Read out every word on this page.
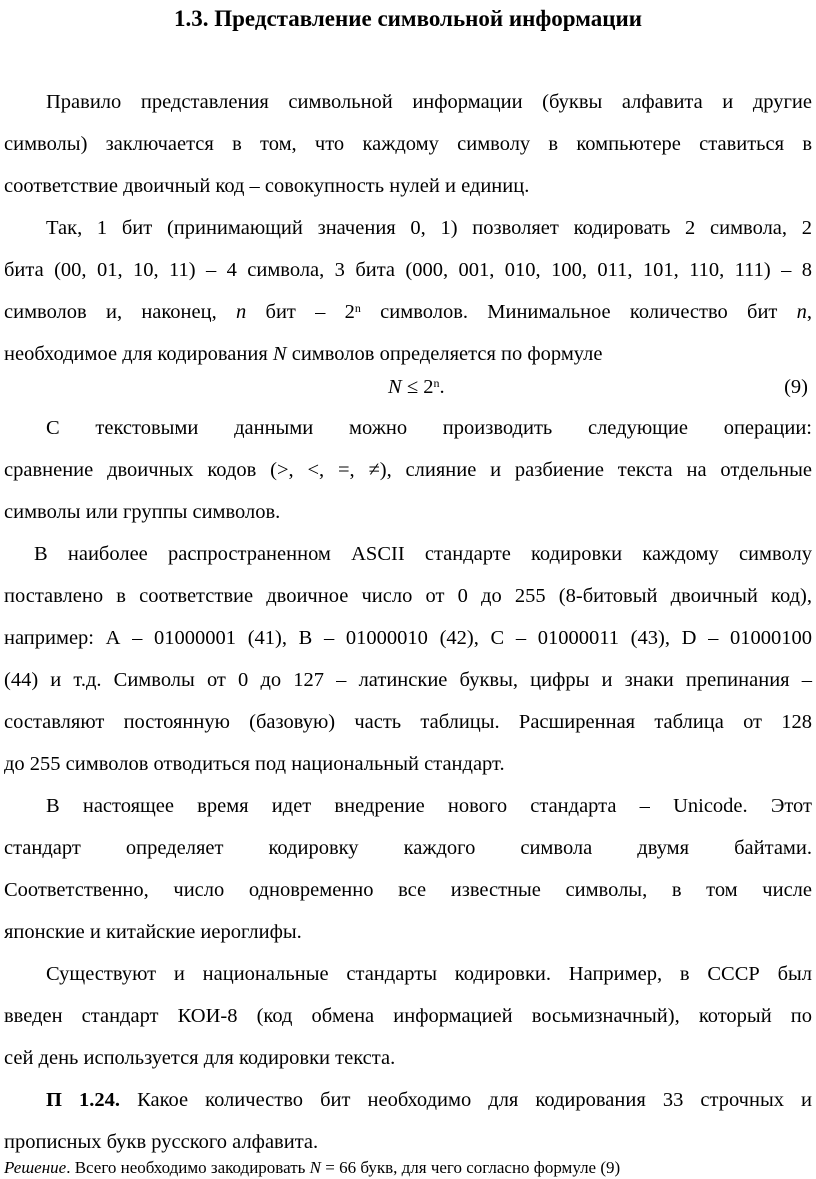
1.3. Представление символьной информации
Правило представления символьной информации (буквы алфавита и другие
символы) заключается в том, что каждому символу в компьютере ставиться в
соответствие двоичный код – совокупность нулей и единиц.
Так, 1 бит (принимающий значения 0, 1) позволяет кодировать 2 символа, 2
бита (00, 01, 10, 11) – 4 символа, 3 бита (000, 001, 010, 100, 011, 101, 110, 111) – 8
символов и, наконец, n бит – 2$^n$ символов. Минимальное количество бит n,
необходимое для кодирования N символов определяется по формуле
$N \le 2^n$.	(9)
С текстовыми данными можно производить следующие операции:
сравнение двоичных кодов (>, <, =, ≠), слияние и разбиение текста на отдельные
символы или группы символов.
В наиболее распространенном ASCII стандарте кодировки каждому символу
поставлено в соответствие двоичное число от 0 до 255 (8-битовый двоичный код),
например: А – 01000001 (41), В – 01000010 (42), С – 01000011 (43), D – 01000100
(44) и т.д. Символы от 0 до 127 – латинские буквы, цифры и знаки препинания –
составляют постоянную (базовую) часть таблицы. Расширенная таблица от 128
до 255 символов отводиться под национальный стандарт.
В настоящее время идет внедрение нового стандарта – Unicode. Этот
стандарт определяет кодировку каждого символа двумя байтами.
Соответственно, число одновременно все известные символы, в том числе
японские и китайские иероглифы.
Существуют и национальные стандарты кодировки. Например, в СССР был
введен стандарт КОИ-8 (код обмена информацией восьмизначный), который по
сей день используется для кодировки текста.
П 1.24. Какое количество бит необходимо для кодирования 33 строчных и
прописных букв русского алфавита.
Решение. Всего необходимо закодировать N = 66 букв, для чего согласно формуле (9)
